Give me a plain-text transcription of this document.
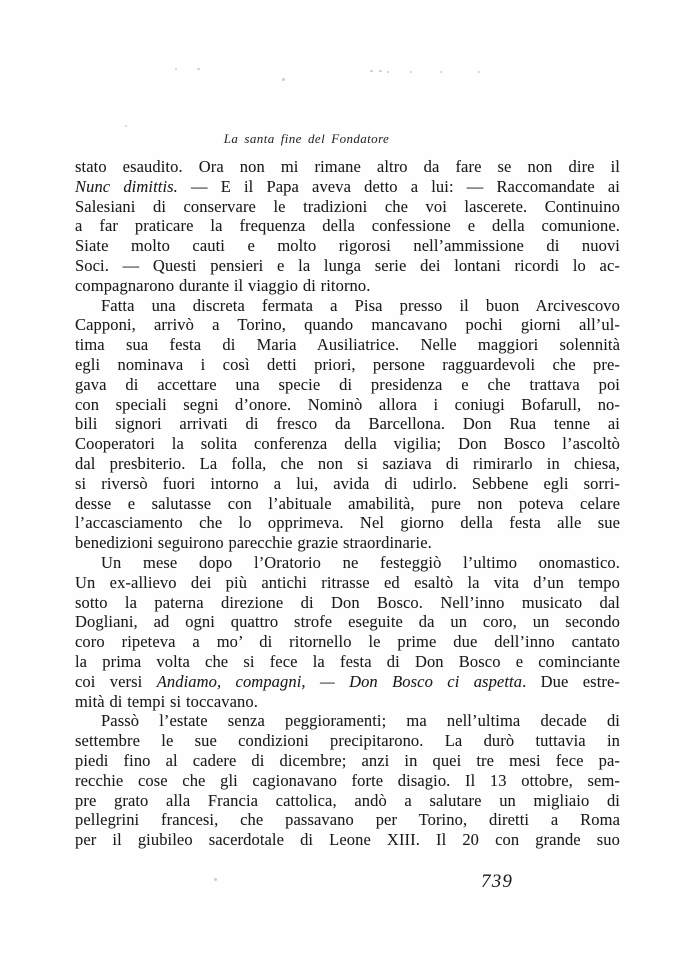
La santa fine del Fondatore
stato esaudito. Ora non mi rimane altro da fare se non dire il
Nunc dimittis. — E il Papa aveva detto a lui: — Raccomandate ai
Salesiani di conservare le tradizioni che voi lascerete. Continuino
a far praticare la frequenza della confessione e della comunione.
Siate molto cauti e molto rigorosi nell’ammissione di nuovi
Soci. — Questi pensieri e la lunga serie dei lontani ricordi lo ac-
compagnarono durante il viaggio di ritorno.
Fatta una discreta fermata a Pisa presso il buon Arcivescovo
Capponi, arrivò a Torino, quando mancavano pochi giorni all’ul-
tima sua festa di Maria Ausiliatrice. Nelle maggiori solennità
egli nominava i così detti priori, persone ragguardevoli che pre-
gava di accettare una specie di presidenza e che trattava poi
con speciali segni d’onore. Nominò allora i coniugi Bofarull, no-
bili signori arrivati di fresco da Barcellona. Don Rua tenne ai
Cooperatori la solita conferenza della vigilia; Don Bosco l’ascoltò
dal presbiterio. La folla, che non si saziava di rimirarlo in chiesa,
si riversò fuori intorno a lui, avida di udirlo. Sebbene egli sorri-
desse e salutasse con l’abituale amabilità, pure non poteva celare
l’accasciamento che lo opprimeva. Nel giorno della festa alle sue
benedizioni seguirono parecchie grazie straordinarie.
Un mese dopo l’Oratorio ne festeggiò l’ultimo onomastico.
Un ex-allievo dei più antichi ritrasse ed esaltò la vita d’un tempo
sotto la paterna direzione di Don Bosco. Nell’inno musicato dal
Dogliani, ad ogni quattro strofe eseguite da un coro, un secondo
coro ripeteva a mo’ di ritornello le prime due dell’inno cantato
la prima volta che si fece la festa di Don Bosco e cominciante
coi versi Andiamo, compagni, — Don Bosco ci aspetta. Due estre-
mità di tempi si toccavano.
Passò l’estate senza peggioramenti; ma nell’ultima decade di
settembre le sue condizioni precipitarono. La durò tuttavia in
piedi fino al cadere di dicembre; anzi in quei tre mesi fece pa-
recchie cose che gli cagionavano forte disagio. Il 13 ottobre, sem-
pre grato alla Francia cattolica, andò a salutare un migliaio di
pellegrini francesi, che passavano per Torino, diretti a Roma
per il giubileo sacerdotale di Leone XIII. Il 20 con grande suo
739
